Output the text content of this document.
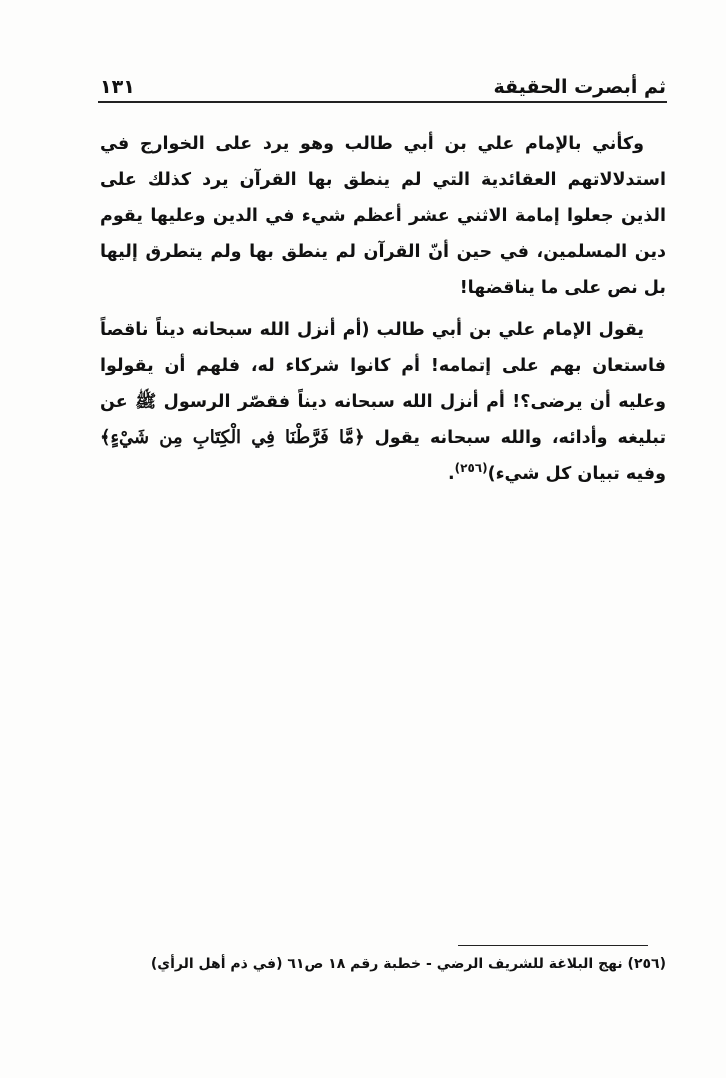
ثم أبصرت الحقيقة
١٣١

وكأني بالإمام علي بن أبي طالب وهو يرد على الخوارج في استدلالاتهم العقائدية التي لم ينطق بها القرآن يرد كذلك على الذين جعلوا إمامة الاثني عشر أعظم شيء في الدين وعليها يقوم دين المسلمين، في حين أنّ القرآن لم ينطق بها ولم يتطرق إليها بل نص على ما يناقضها!

يقول الإمام علي بن أبي طالب (أم أنزل الله سبحانه ديناً ناقصاً فاستعان بهم على إتمامه! أم كانوا شركاء له، فلهم أن يقولوا وعليه أن يرضى؟! أم أنزل الله سبحانه ديناً فقصّر الرسول ﷺ عن تبليغه وأدائه، والله سبحانه يقول ﴿مَّا فَرَّطْنَا فِي الْكِتَابِ مِن شَيْءٍ﴾ وفيه تبيان كل شيء)$^{(٢٥٦)}$.

(٢٥٦) نهج البلاغة للشريف الرضي - خطبة رقم ١٨ ص٦١ (في ذم أهل الرأي)
